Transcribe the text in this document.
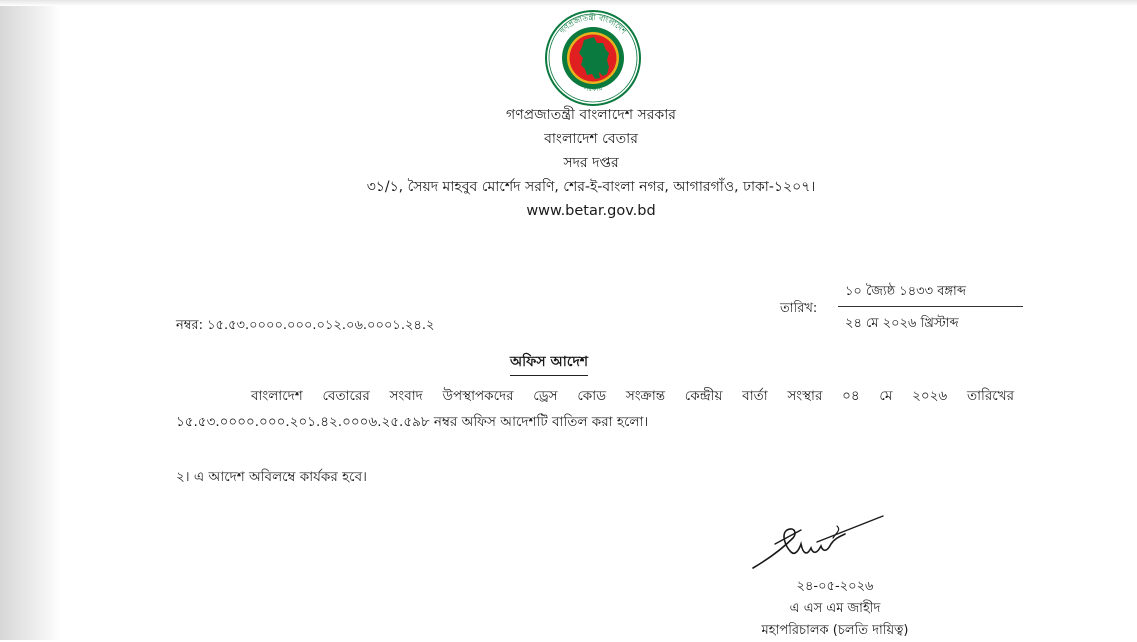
গণপ্রজাতন্ত্রী বাংলাদেশ
সরকার
গণপ্রজাতন্ত্রী বাংলাদেশ সরকার
বাংলাদেশ বেতার
সদর দপ্তর
৩১/১, সৈয়দ মাহবুব মোর্শেদ সরণি, শের-ই-বাংলা নগর, আগারগাঁও, ঢাকা-১২০৭।
www.betar.gov.bd
১০ জ্যৈষ্ঠ ১৪৩৩ বঙ্গাব্দ
তারিখ:
২৪ মে ২০২৬ খ্রিস্টাব্দ
নম্বর: ১৫.৫৩.০০০০.০০০.০১২.০৬.০০০১.২৪.২
অফিস আদেশ
বাংলাদেশ বেতারের সংবাদ উপস্থাপকদের ড্রেস কোড সংক্রান্ত কেন্দ্রীয় বার্তা সংস্থার ০৪ মে ২০২৬ তারিখের
১৫.৫৩.০০০০.০০০.২০১.৪২.০০০৬.২৫.৫৯৮ নম্বর অফিস আদেশটি বাতিল করা হলো।
২। এ আদেশ অবিলম্বে কার্যকর হবে।
২৪-০৫-২০২৬
এ এস এম জাহীদ
মহাপরিচালক (চলতি দায়িত্ব)
